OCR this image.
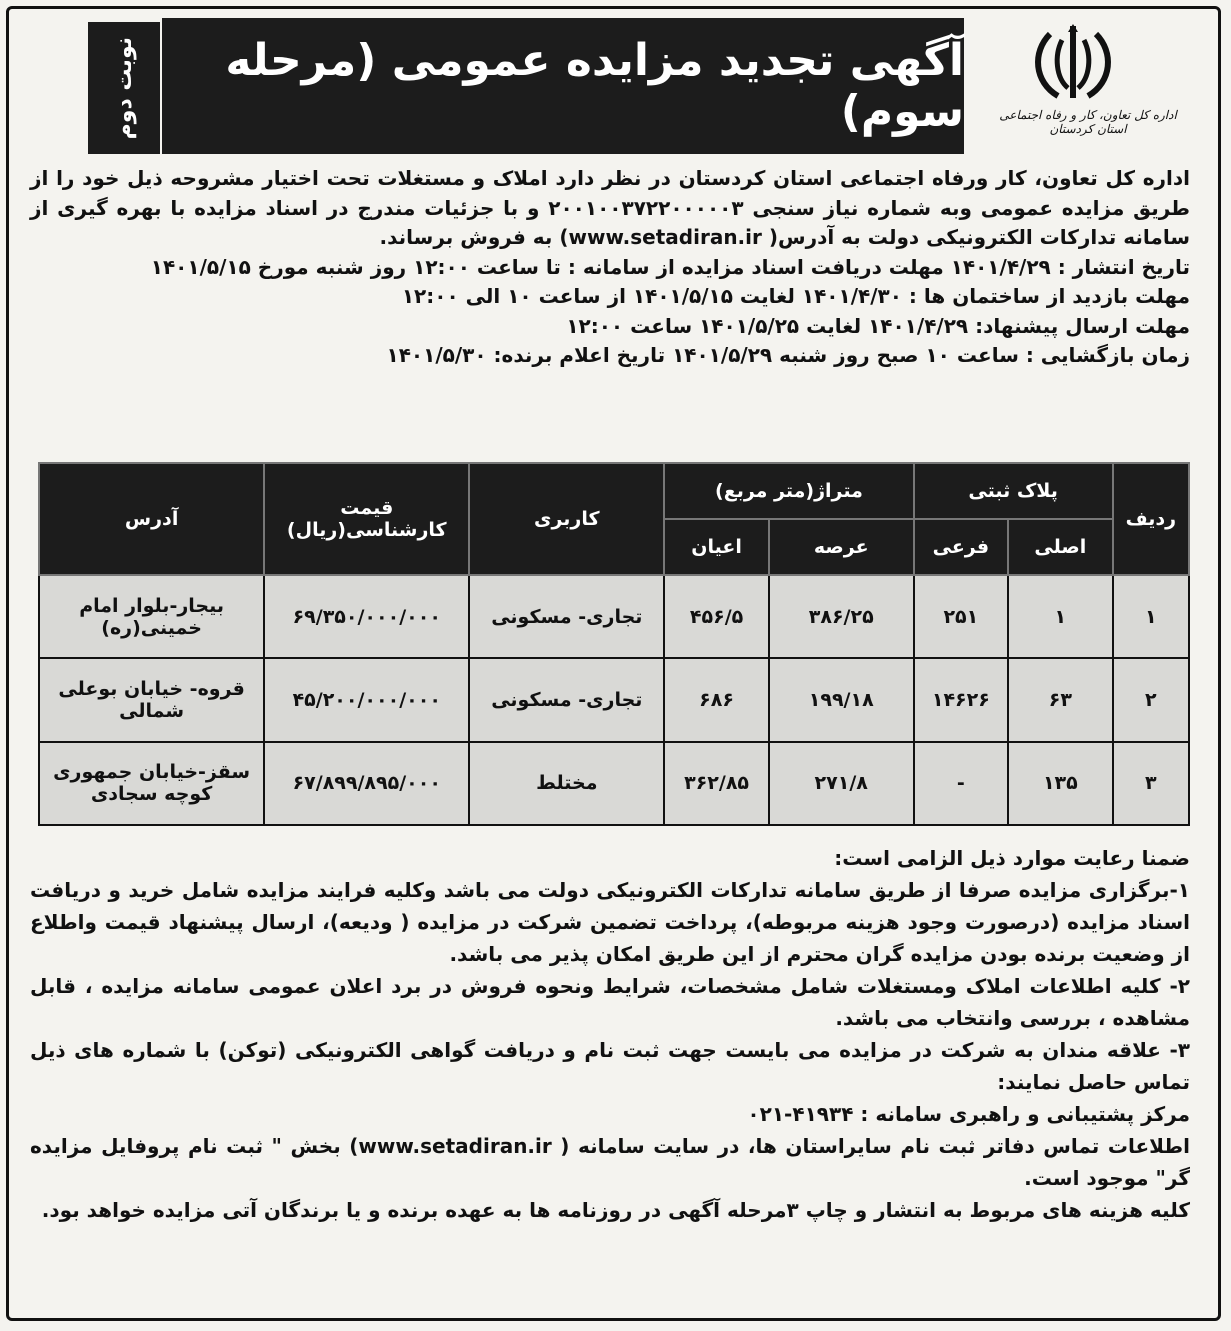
اداره کل تعاون، کار و رفاه اجتماعی استان کردستان
آگهی تجدید مزایده عمومی (مرحله سوم)
نوبت دوم

اداره کل تعاون، کار ورفاه اجتماعی استان کردستان در نظر دارد املاک و مستغلات تحت اختیار مشروحه ذیل خود را از طریق مزایده عمومی وبه شماره نیاز سنجی ۲۰۰۱۰۰۳۷۲۲۰۰۰۰۰۳ و با جزئیات مندرج در اسناد مزایده با بهره گیری از سامانه تدارکات الکترونیکی دولت به آدرس( www.setadiran.ir) به فروش برساند.

تاریخ انتشار : ۱۴۰۱/۴/۲۹ مهلت دریافت اسناد مزایده از سامانه : تا ساعت ۱۲:۰۰ روز شنبه مورخ ۱۴۰۱/۵/۱۵

مهلت بازدید از ساختمان ها : ۱۴۰۱/۴/۳۰ لغایت ۱۴۰۱/۵/۱۵ از ساعت ۱۰ الی ۱۲:۰۰

مهلت ارسال پیشنهاد: ۱۴۰۱/۴/۲۹ لغایت ۱۴۰۱/۵/۲۵ ساعت ۱۲:۰۰

زمان بازگشایی : ساعت ۱۰ صبح روز شنبه ۱۴۰۱/۵/۲۹ تاریخ اعلام برنده: ۱۴۰۱/۵/۳۰

ردیف	پلاک ثبتی		متراژ(متر مربع)		کاربری	قیمت کارشناسی(ریال)	آدرس
	اصلی	فرعی	عرصه	اعیان			
۱	۱	۲۵۱	۳۸۶/۲۵	۴۵۶/۵	تجاری- مسکونی	۶۹/۳۵۰/۰۰۰/۰۰۰	بیجار-بلوار امام خمینی(ره)
۲	۶۳	۱۴۶۲۶	۱۹۹/۱۸	۶۸۶	تجاری- مسکونی	۴۵/۲۰۰/۰۰۰/۰۰۰	قروه- خیابان بوعلی شمالی
۳	۱۳۵	-	۲۷۱/۸	۳۶۲/۸۵	مختلط	۶۷/۸۹۹/۸۹۵/۰۰۰	سقز-خیابان جمهوری کوچه سجادی

ضمنا رعایت موارد ذیل الزامی است:

۱-برگزاری مزایده صرفا از طریق سامانه تدارکات الکترونیکی دولت می باشد وکلیه فرایند مزایده شامل خرید و دریافت اسناد مزایده (درصورت وجود هزینه مربوطه)، پرداخت تضمین شرکت در مزایده ( ودیعه)، ارسال پیشنهاد قیمت واطلاع از وضعیت برنده بودن مزایده گران محترم از این طریق امکان پذیر می باشد.

۲- کلیه اطلاعات املاک ومستغلات شامل مشخصات، شرایط ونحوه فروش در برد اعلان عمومی سامانه مزایده ، قابل مشاهده ، بررسی وانتخاب می باشد.

۳- علاقه مندان به شرکت در مزایده می بایست جهت ثبت نام و دریافت گواهی الکترونیکی (توکن) با شماره های ذیل تماس حاصل نمایند:

مرکز پشتیبانی و راهبری سامانه : ۴۱۹۳۴-۰۲۱

اطلاعات تماس دفاتر ثبت نام سایراستان ها، در سایت سامانه ( www.setadiran.ir) بخش " ثبت نام پروفایل مزایده گر" موجود است.

کلیه هزینه های مربوط به انتشار و چاپ ۳مرحله آگهی در روزنامه ها به عهده برنده و یا برندگان آتی مزایده خواهد بود.
